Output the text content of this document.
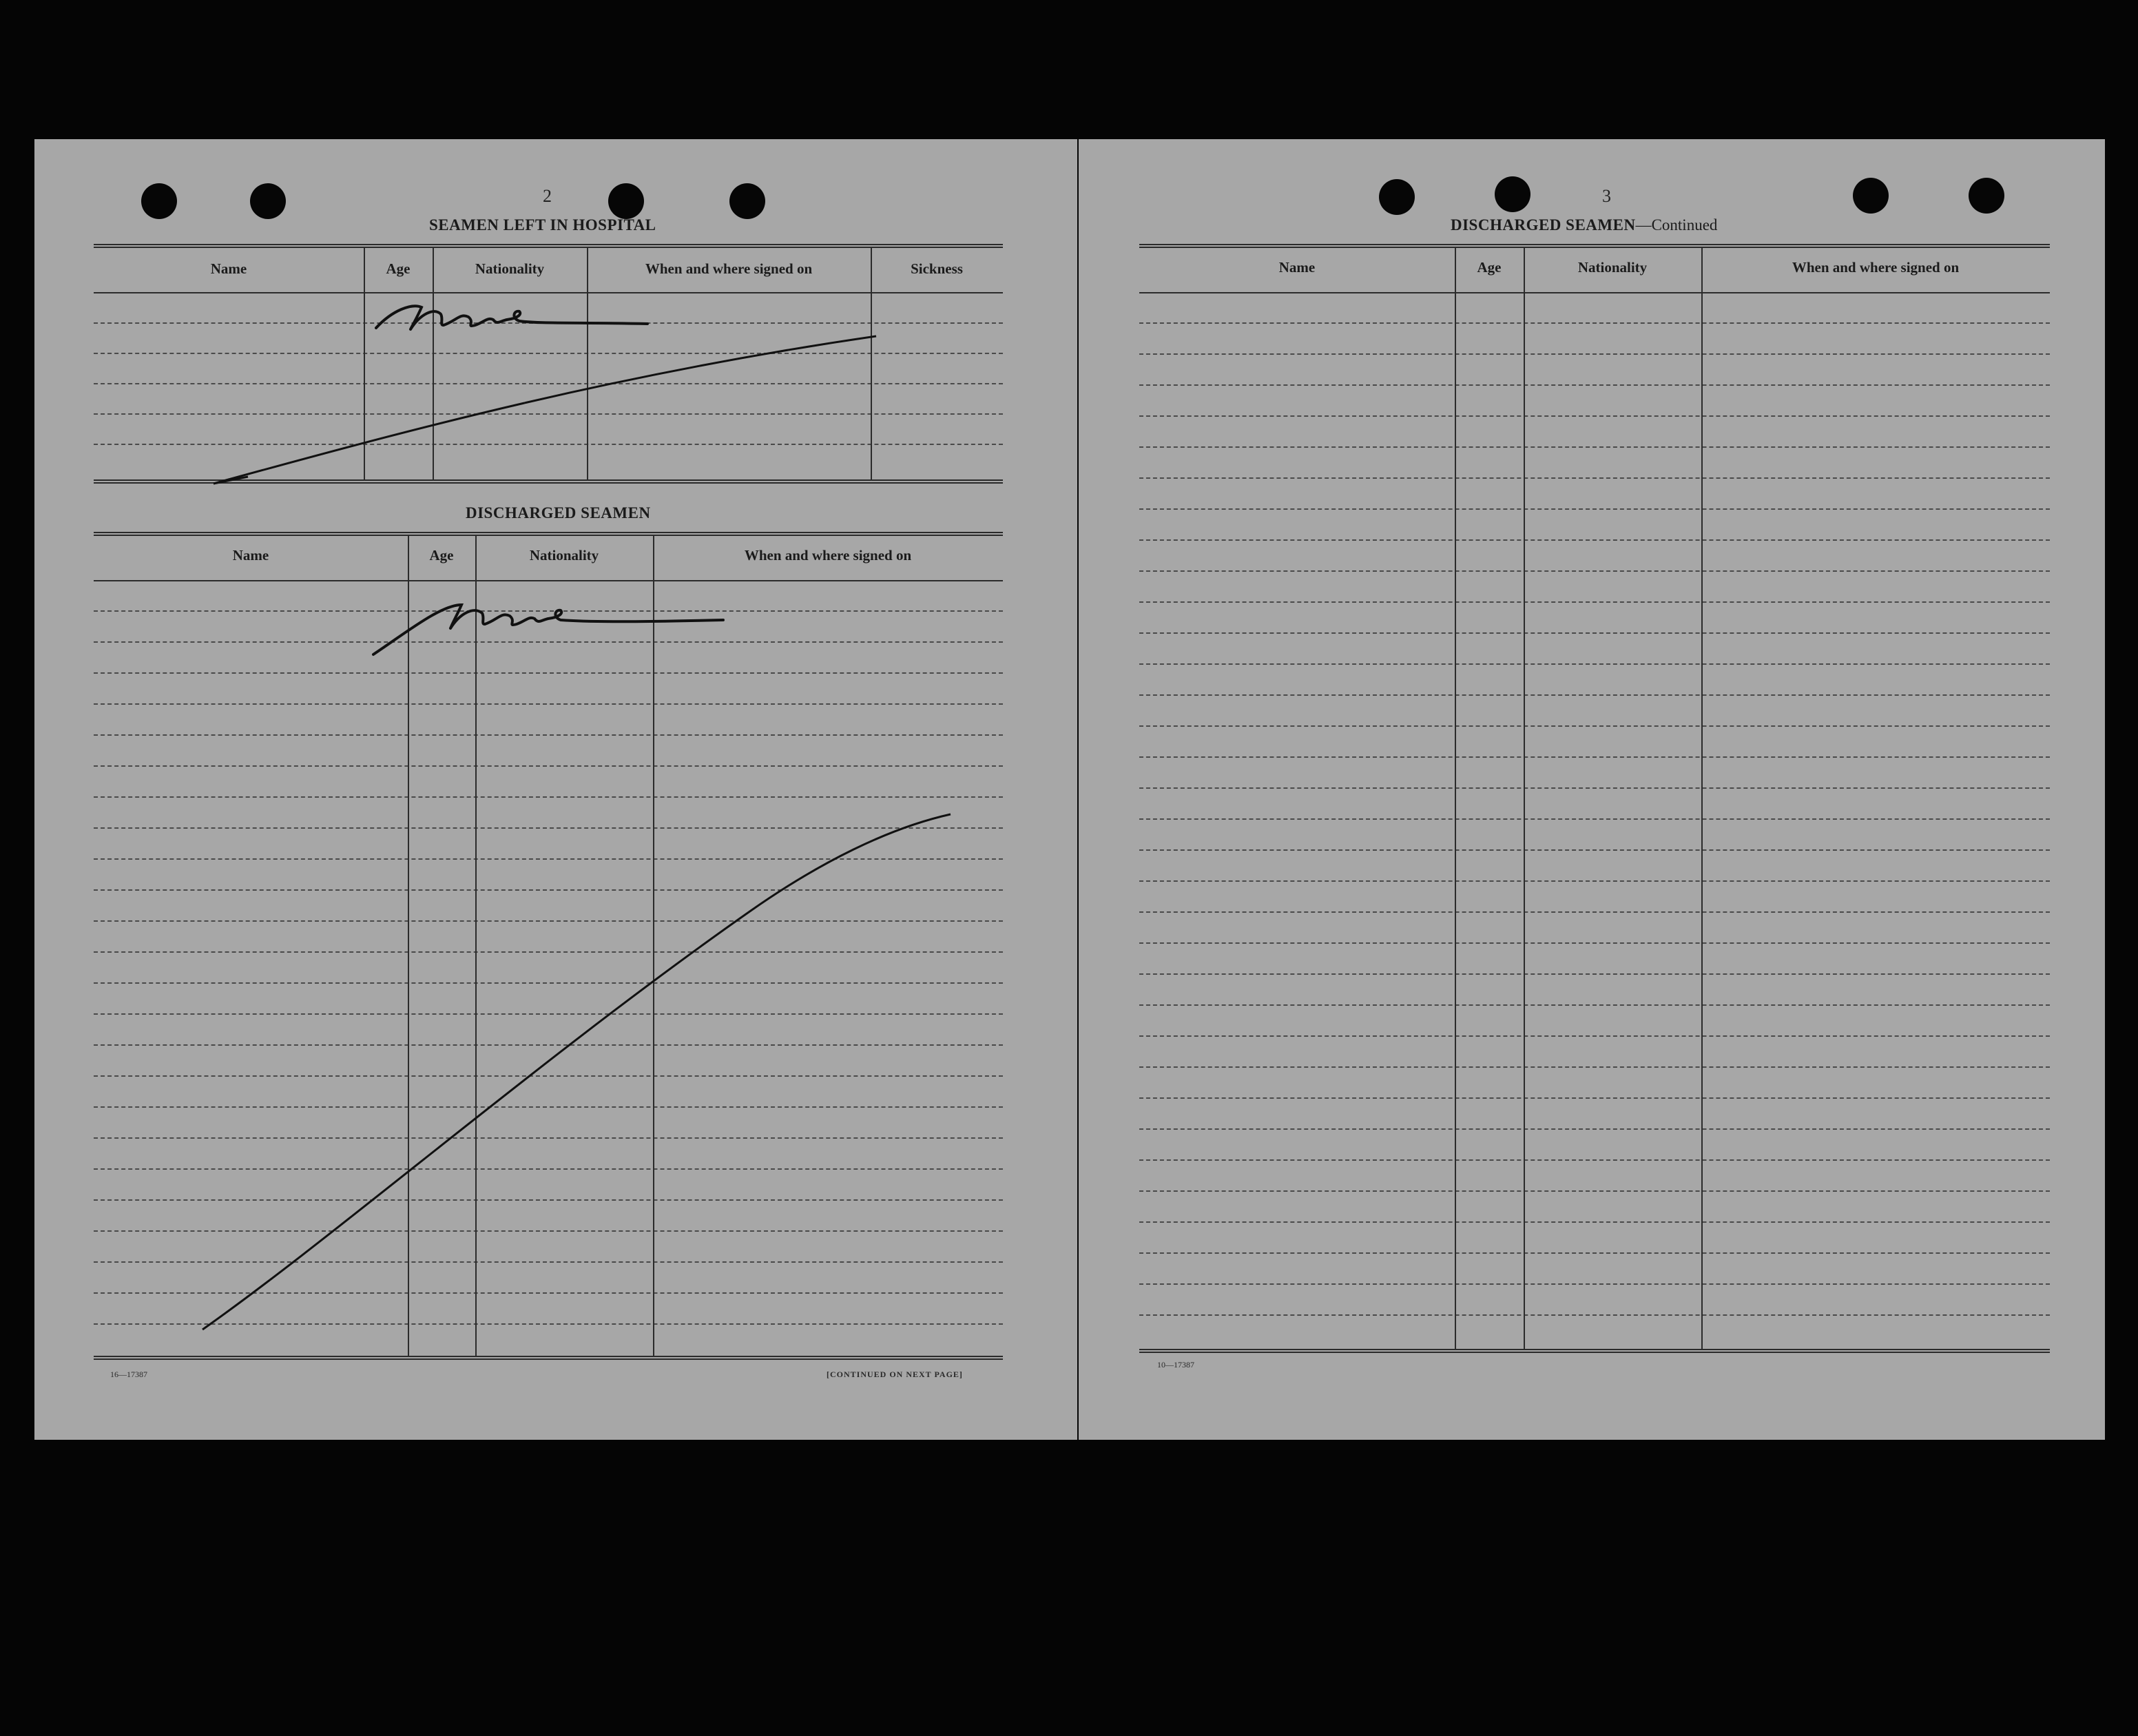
2
SEAMEN LEFT IN HOSPITAL
Name	Age	Nationality	When and where signed on	Sickness
DISCHARGED SEAMEN
Name	Age	Nationality	When and where signed on
16—17387	[CONTINUED ON NEXT PAGE]
3
DISCHARGED SEAMEN—Continued
Name	Age	Nationality	When and where signed on
10—17387
